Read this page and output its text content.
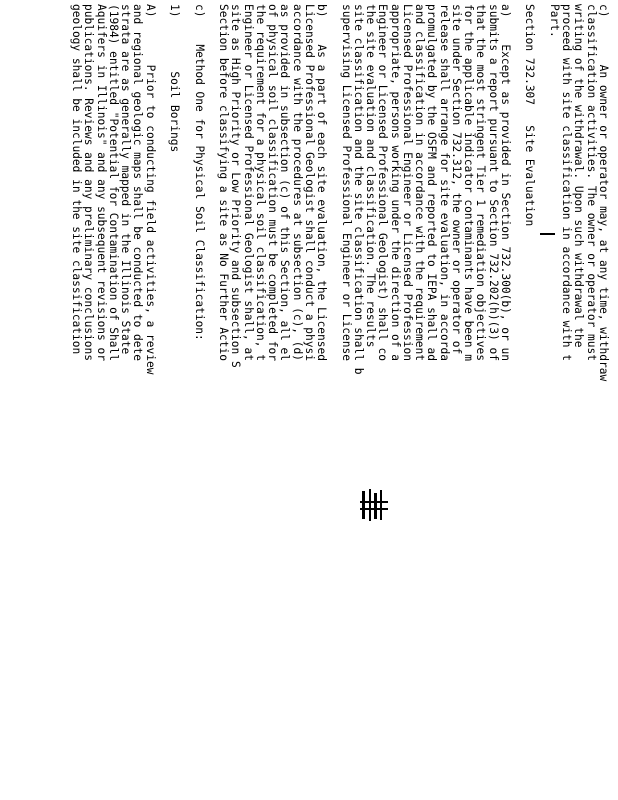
c)       An owner or operator may, at any time, withdraw
classification activities. The owner or operator must
writing of the withdrawal. Upon such withdrawal the
proceed with site classification in accordance with t
Part.
Section 732.307   Site Evaluation
a)    Except as provided in Section 732.300(b), or un
submits a report pursuant to Section 732.202(h)(3) of
that the most stringent Tier 1 remediation objectives
for the applicable indicator contaminants have been m
site under Section 732.312, the owner or operator of
release shall arrange for site evaluation, in accorda
promulgated by the OSFM and reported to IEPA shall ad
and classification in accordance with the requirement
Licensed Professional Engineer or Licensed Profession
appropriate, persons working under the direction of a
Engineer or Licensed Professional Geologist) shall co
the site evaluation and classification. The results
site classification and the site classification shall b
supervising Licensed Professional Engineer or License
b)    As a part of each site evaluation, the Licensed
Licensed Professional Geologist shall conduct a physi
accordance with the procedures at subsection (c), (d)
as provided in subsection (c) of this Section, all el
of physical soil classification must be completed for
the requirement for a physical soil classification, t
Engineer or Licensed Professional Geologist shall, at
site as High Priority or Low Priority and subsection S
Section before classifying a site as No Further Actio
c)    Method One for Physical Soil Classification:
1)        Soil Borings
A)       Prior to conducting field activities, a review
and regional geologic maps shall be conducted to dete
strata are as generally mapped in the Illinois State
(1984) entitled "Potential for Contamination of Shall
Aquifers in Illinois" and any subsequent revisions or
publications. Reviews and any preliminary conclusions
geology shall be included in the site classification
